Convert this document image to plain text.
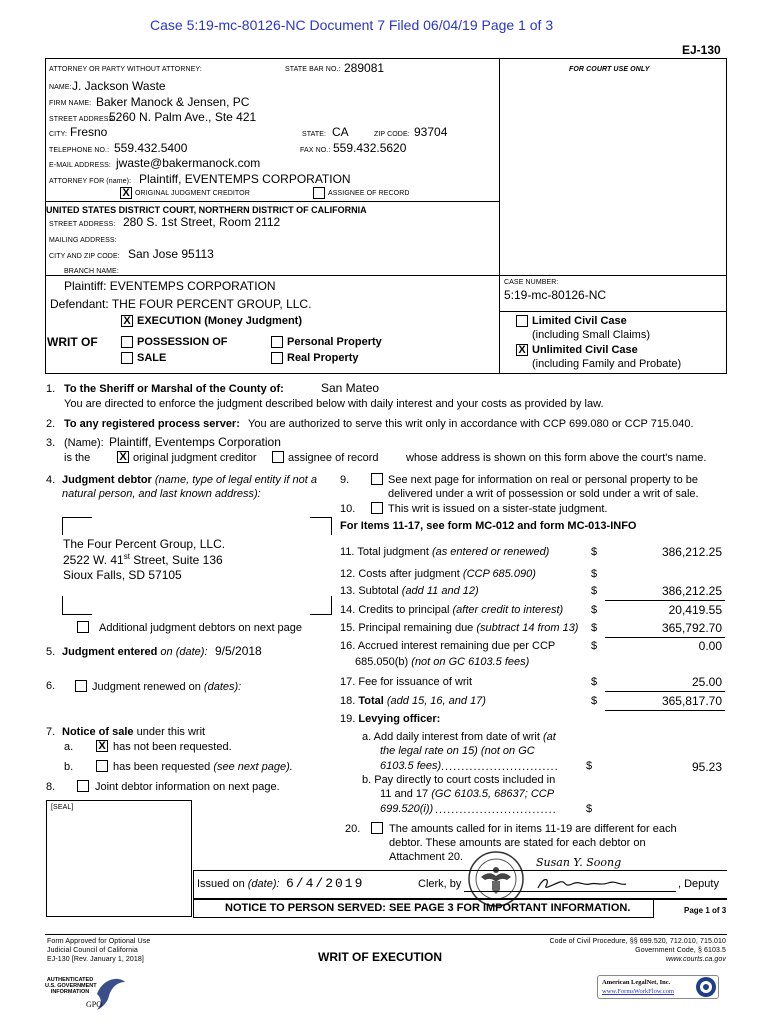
Case 5:19-mc-80126-NC Document 7 Filed 06/04/19 Page 1 of 3
EJ-130
ATTORNEY OR PARTY WITHOUT ATTORNEY:	STATE BAR NO.: 289081	FOR COURT USE ONLY
NAME: J. Jackson Waste
FIRM NAME: Baker Manock & Jensen, PC
STREET ADDRESS:
5260 N. Palm Ave., Ste 421
CITY: Fresno	STATE: CA	ZIP CODE: 93704
TELEPHONE NO.: 559.432.5400	FAX NO.: 559.432.5620
E-MAIL ADDRESS: jwaste@bakermanock.com
ATTORNEY FOR (name): Plaintiff, EVENTEMPS CORPORATION
X ORIGINAL JUDGMENT CREDITOR	ASSIGNEE OF RECORD
UNITED STATES DISTRICT COURT, NORTHERN DISTRICT OF CALIFORNIA
STREET ADDRESS: 280 S. 1st Street, Room 2112
MAILING ADDRESS:
CITY AND ZIP CODE: San Jose 95113
BRANCH NAME:
Plaintiff: EVENTEMPS CORPORATION
Defendant: THE FOUR PERCENT GROUP, LLC.
CASE NUMBER:
5:19-mc-80126-NC
X EXECUTION (Money Judgment)
WRIT OF	POSSESSION OF
SALE
Personal Property
Real Property
Limited Civil Case
(including Small Claims)
X Unlimited Civil Case
(including Family and Probate)
1. To the Sheriff or Marshal of the County of:	San Mateo
You are directed to enforce the judgment described below with daily interest and your costs as provided by law.
2. To any registered process server: You are authorized to serve this writ only in accordance with CCP 699.080 or CCP 715.040.
3. (Name): Plaintiff, Eventemps Corporation
is the	X original judgment creditor	assignee of record	whose address is shown on this form above the court's name.
4. Judgment debtor (name, type of legal entity if not a
natural person, and last known address):
The Four Percent Group, LLC.
2522 W. 41st Street, Suite 136
Sioux Falls, SD 57105
Additional judgment debtors on next page
5. Judgment entered on (date): 9/5/2018
6.	Judgment renewed on (dates):
7. Notice of sale under this writ
a. X has not been requested.
b.	has been requested (see next page).
8.	Joint debtor information on next page.
[SEAL]
9.	See next page for information on real or personal property to be
delivered under a writ of possession or sold under a writ of sale.
10.	This writ is issued on a sister-state judgment.
For Items 11-17, see form MC-012 and form MC-013-INFO
11. Total judgment (as entered or renewed)	$	386,212.25
12. Costs after judgment (CCP 685.090)	$
13. Subtotal (add 11 and 12)	$	386,212.25
14. Credits to principal (after credit to interest)	$	20,419.55
15. Principal remaining due (subtract 14 from 13) $	365,792.70
16. Accrued interest remaining due per CCP	$	0.00
685.050(b) (not on GC 6103.5 fees)
17. Fee for issuance of writ	$	25.00
18. Total (add 15, 16, and 17)	$	365,817.70
19. Levying officer:
a. Add daily interest from date of writ (at
the legal rate on 15) (not on GC
6103.5 fees) ............................. $	95.23
b. Pay directly to court costs included in
11 and 17 (GC 6103.5, 68637; CCP
699.520(i)) ..............................	$
20.	The amounts called for in items 11-19 are different for each
debtor. These amounts are stated for each debtor on
Attachment 20.	Susan Y. Soong
Issued on (date): 6/4/2019	Clerk, by	, Deputy
NOTICE TO PERSON SERVED: SEE PAGE 3 FOR IMPORTANT INFORMATION.	Page 1 of 3
Form Approved for Optional Use
Judicial Council of California
EJ-130 [Rev. January 1, 2018]	WRIT OF EXECUTION
Code of Civil Procedure, §§ 699.520, 712.010, 715.010
Government Code, § 6103.5
www.courts.ca.gov
AUTHENTICATED
U.S. GOVERNMENT
INFORMATION
GPO
American LegalNet, Inc.
www.FormsWorkFlow.com
